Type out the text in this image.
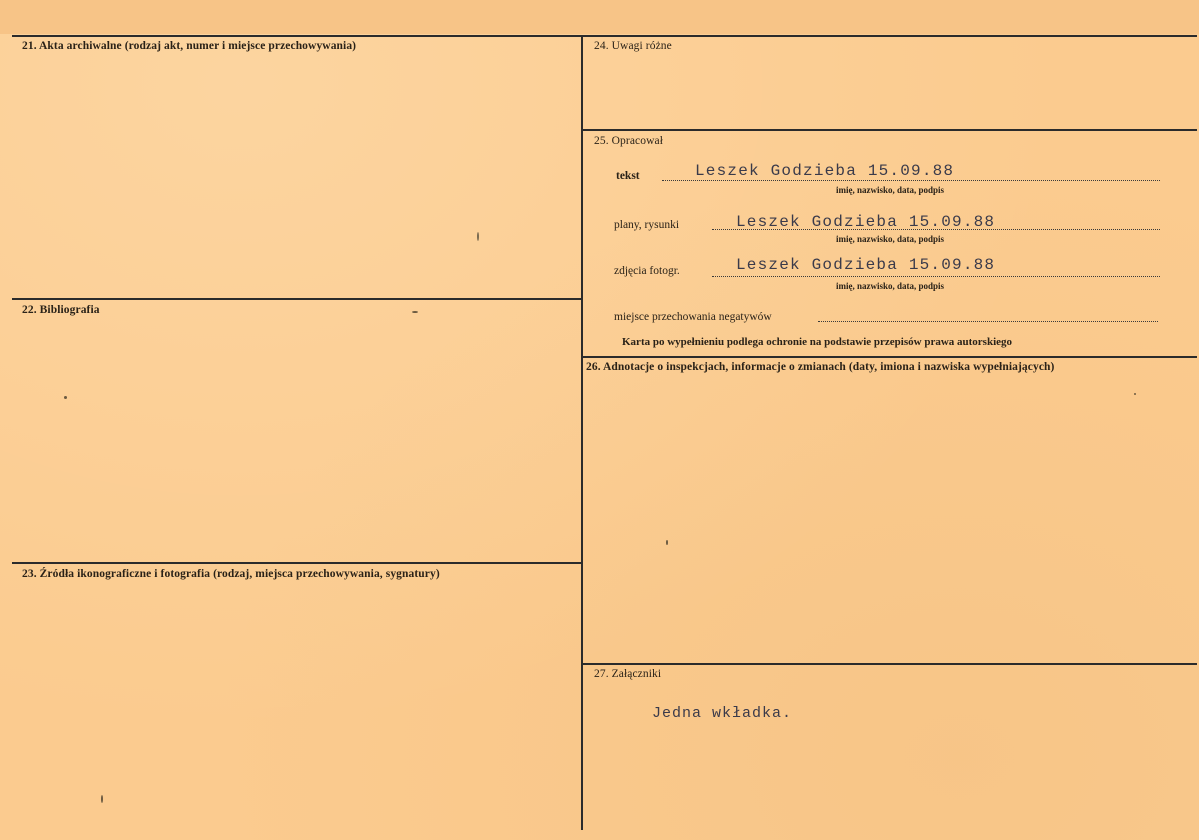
21. Akta archiwalne (rodzaj akt, numer i miejsce przechowywania)
22. Bibliografia
23. Źródła ikonograficzne i fotografia (rodzaj, miejsca przechowywania, sygnatury)
24. Uwagi różne
25. Opracował
tekst	Leszek Godzieba 15.09.88
imię, nazwisko, data, podpis
plany, rysunki	Leszek Godzieba 15.09.88
imię, nazwisko, data, podpis
zdjęcia fotogr.	Leszek Godzieba 15.09.88
imię, nazwisko, data, podpis
miejsce przechowania negatywów
Karta po wypełnieniu podlega ochronie na podstawie przepisów prawa autorskiego
26. Adnotacje o inspekcjach, informacje o zmianach (daty, imiona i nazwiska wypełniających)
27. Załączniki
Jedna wkładka.
